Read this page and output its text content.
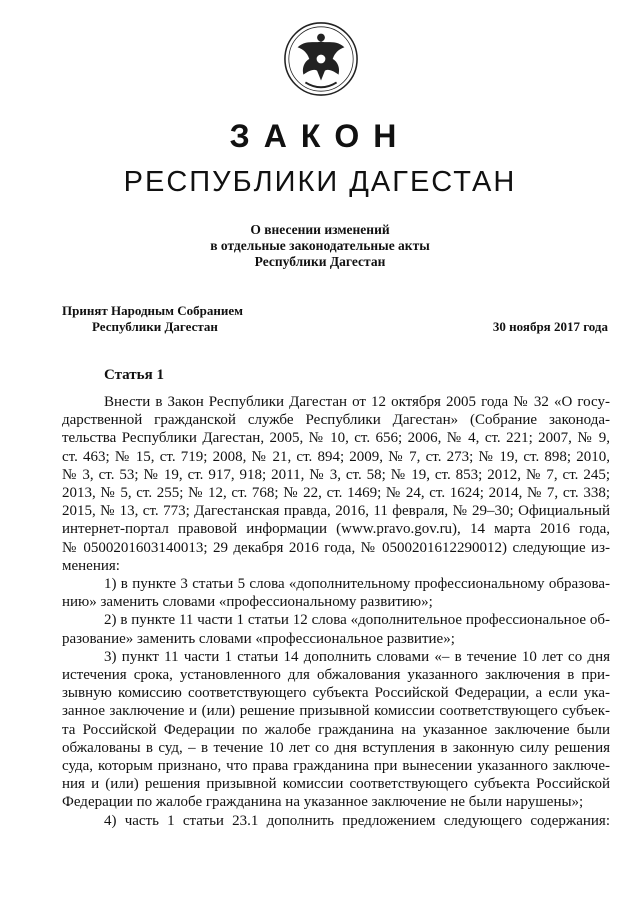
ЗАКОН
РЕСПУБЛИКИ ДАГЕСТАН
О внесении изменений
в отдельные законодательные акты
Республики Дагестан
Принят Народным Собранием
Республики Дагестан	30 ноября 2017 года
Статья 1
Внести в Закон Республики Дагестан от 12 октября 2005 года № 32 «О госу-
дарственной гражданской службе Республики Дагестан» (Собрание законода-
тельства Республики Дагестан, 2005, № 10, ст. 656; 2006, № 4, ст. 221; 2007, № 9,
ст. 463; № 15, ст. 719; 2008, № 21, ст. 894; 2009, № 7, ст. 273; № 19, ст. 898; 2010,
№ 3, ст. 53; № 19, ст. 917, 918; 2011, № 3, ст. 58; № 19, ст. 853; 2012, № 7, ст. 245;
2013, № 5, ст. 255; № 12, ст. 768; № 22, ст. 1469; № 24, ст. 1624; 2014, № 7, ст. 338;
2015, № 13, ст. 773; Дагестанская правда, 2016, 11 февраля, № 29–30; Официальный
интернет-портал правовой информации (www.pravo.gov.ru), 14 марта 2016 года,
№ 0500201603140013; 29 декабря 2016 года, № 0500201612290012) следующие из-
менения:
1) в пункте 3 статьи 5 слова «дополнительному профессиональному образова-
нию» заменить словами «профессиональному развитию»;
2) в пункте 11 части 1 статьи 12 слова «дополнительное профессиональное об-
разование» заменить словами «профессиональное развитие»;
3) пункт 11 части 1 статьи 14 дополнить словами «– в течение 10 лет со дня
истечения срока, установленного для обжалования указанного заключения в при-
зывную комиссию соответствующего субъекта Российской Федерации, а если ука-
занное заключение и (или) решение призывной комиссии соответствующего субъек-
та Российской Федерации по жалобе гражданина на указанное заключение были
обжалованы в суд, – в течение 10 лет со дня вступления в законную силу решения
суда, которым признано, что права гражданина при вынесении указанного заключе-
ния и (или) решения призывной комиссии соответствующего субъекта Российской
Федерации по жалобе гражданина на указанное заключение не были нарушены»;
4) часть 1 статьи 23.1 дополнить предложением следующего содержания:
